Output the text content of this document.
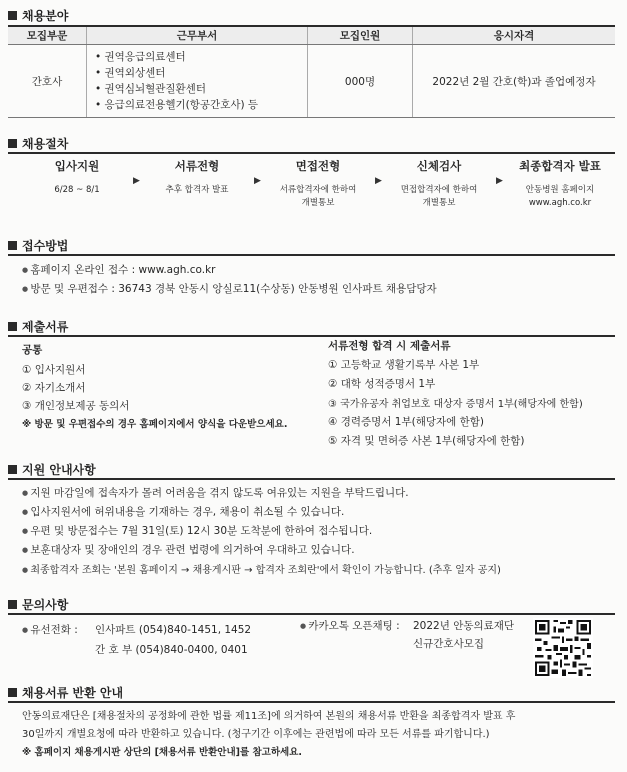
채용분야
모집부문	근무부서	모집인원	응시자격
간호사	• 권역응급의료센터
• 권역외상센터
• 권역심뇌혈관질환센터
• 응급의료전용헬기(항공간호사) 등	000명	2022년 2월 간호(학)과 졸업예정자
채용절차
입사지원
6/28 ~ 8/1
▶
서류전형
추후 합격자 발표
▶
면접전형
서류합격자에 한하여
개별통보
▶
신체검사
면접합격자에 한하여
개별통보
▶
최종합격자 발표
안동병원 홈페이지
www.agh.co.kr
접수방법
● 홈페이지 온라인 접수 : www.agh.co.kr
● 방문 및 우편접수 : 36743 경북 안동시 앙실로11(수상동) 안동병원 인사파트 채용담당자
제출서류
공통
① 입사지원서
② 자기소개서
③ 개인정보제공 동의서
※ 방문 및 우편접수의 경우 홈페이지에서 양식을 다운받으세요.
서류전형 합격 시 제출서류
① 고등학교 생활기록부 사본 1부
② 대학 성적증명서 1부
③ 국가유공자 취업보호 대상자 증명서 1부(해당자에 한함)
④ 경력증명서 1부(해당자에 한함)
⑤ 자격 및 면허증 사본 1부(해당자에 한함)
지원 안내사항
● 지원 마감일에 접속자가 몰려 어려움을 겪지 않도록 여유있는 지원을 부탁드립니다.
● 입사지원서에 허위내용을 기재하는 경우, 채용이 취소될 수 있습니다.
● 우편 및 방문접수는 7월 31일(토) 12시 30분 도착분에 한하여 접수됩니다.
● 보훈대상자 및 장애인의 경우 관련 법령에 의거하여 우대하고 있습니다.
● 최종합격자 조회는 '본원 홈페이지 → 채용게시판 → 합격자 조회란'에서 확인이 가능합니다. (추후 일자 공지)
문의사항
● 유선전화 : 인사파트 (054)840-1451, 1452
간 호 부 (054)840-0400, 0401
● 카카오톡 오픈채팅 : 2022년 안동의료재단
신규간호사모집
채용서류 반환 안내
안동의료재단은 [채용절차의 공정화에 관한 법률 제11조]에 의거하여 본원의 채용서류 반환을 최종합격자 발표 후
30일까지 개별요청에 따라 반환하고 있습니다. (청구기간 이후에는 관련법에 따라 모든 서류를 파기합니다.)
※ 홈페이지 채용게시판 상단의 [채용서류 반환안내]를 참고하세요.
